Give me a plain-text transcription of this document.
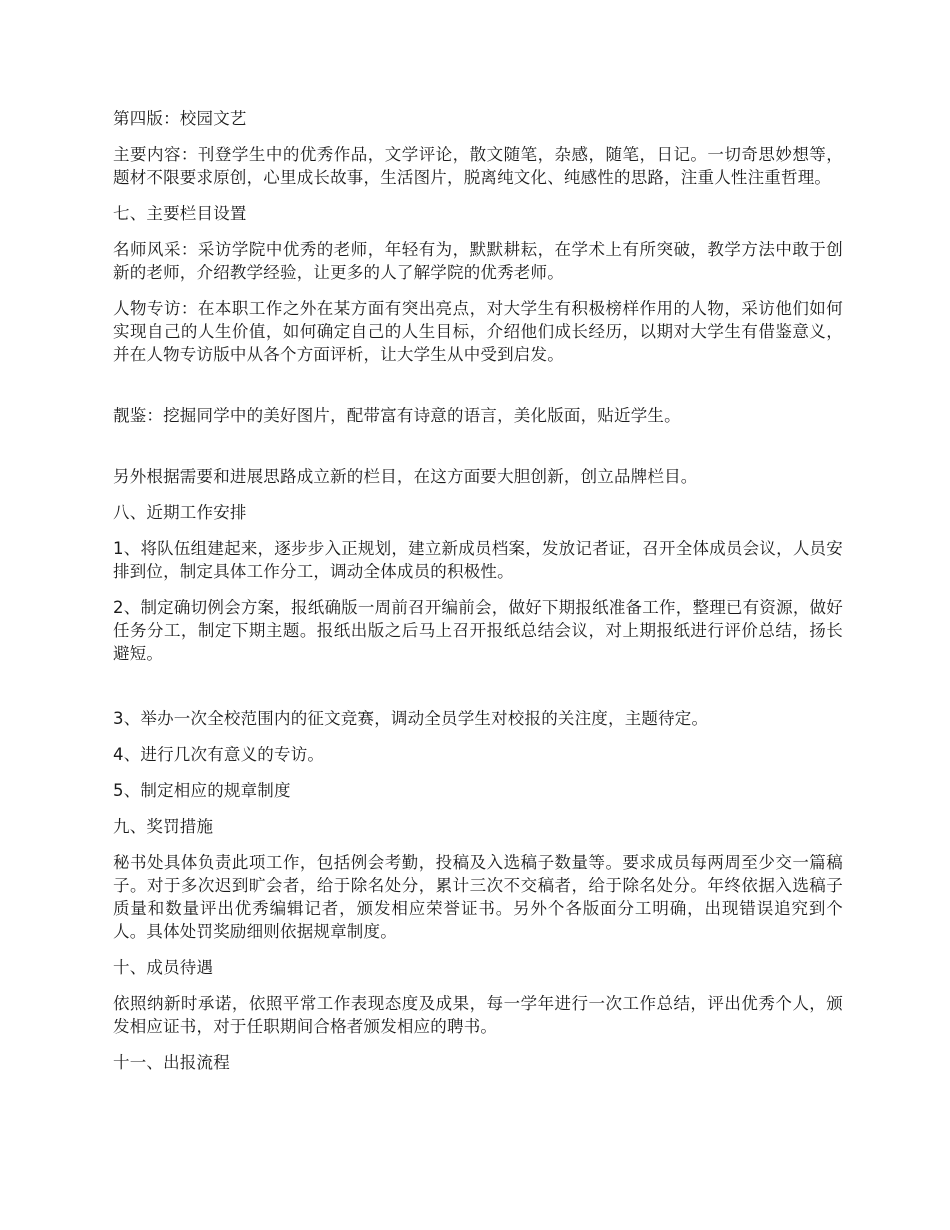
第四版：校园文艺

主要内容：刊登学生中的优秀作品，文学评论，散文随笔，杂感，随笔，日记。一切奇思妙想等，题材不限要求原创，心里成长故事，生活图片，脱离纯文化、纯感性的思路，注重人性注重哲理。

七、主要栏目设置

名师风采：采访学院中优秀的老师，年轻有为，默默耕耘，在学术上有所突破，教学方法中敢于创新的老师，介绍教学经验，让更多的人了解学院的优秀老师。

人物专访：在本职工作之外在某方面有突出亮点，对大学生有积极榜样作用的人物，采访他们如何实现自己的人生价值，如何确定自己的人生目标，介绍他们成长经历，以期对大学生有借鉴意义，并在人物专访版中从各个方面评析，让大学生从中受到启发。

靓鉴：挖掘同学中的美好图片，配带富有诗意的语言，美化版面，贴近学生。

另外根据需要和进展思路成立新的栏目，在这方面要大胆创新，创立品牌栏目。

八、近期工作安排

1、将队伍组建起来，逐步步入正规划，建立新成员档案，发放记者证，召开全体成员会议，人员安排到位，制定具体工作分工，调动全体成员的积极性。

2、制定确切例会方案，报纸确版一周前召开编前会，做好下期报纸准备工作，整理已有资源，做好任务分工，制定下期主题。报纸出版之后马上召开报纸总结会议，对上期报纸进行评价总结，扬长避短。

3、举办一次全校范围内的征文竞赛，调动全员学生对校报的关注度，主题待定。

4、进行几次有意义的专访。

5、制定相应的规章制度

九、奖罚措施

秘书处具体负责此项工作，包括例会考勤，投稿及入选稿子数量等。要求成员每两周至少交一篇稿子。对于多次迟到旷会者，给于除名处分，累计三次不交稿者，给于除名处分。年终依据入选稿子质量和数量评出优秀编辑记者，颁发相应荣誉证书。另外个各版面分工明确，出现错误追究到个人。具体处罚奖励细则依据规章制度。

十、成员待遇

依照纳新时承诺，依照平常工作表现态度及成果，每一学年进行一次工作总结，评出优秀个人，颁发相应证书，对于任职期间合格者颁发相应的聘书。

十一、出报流程
